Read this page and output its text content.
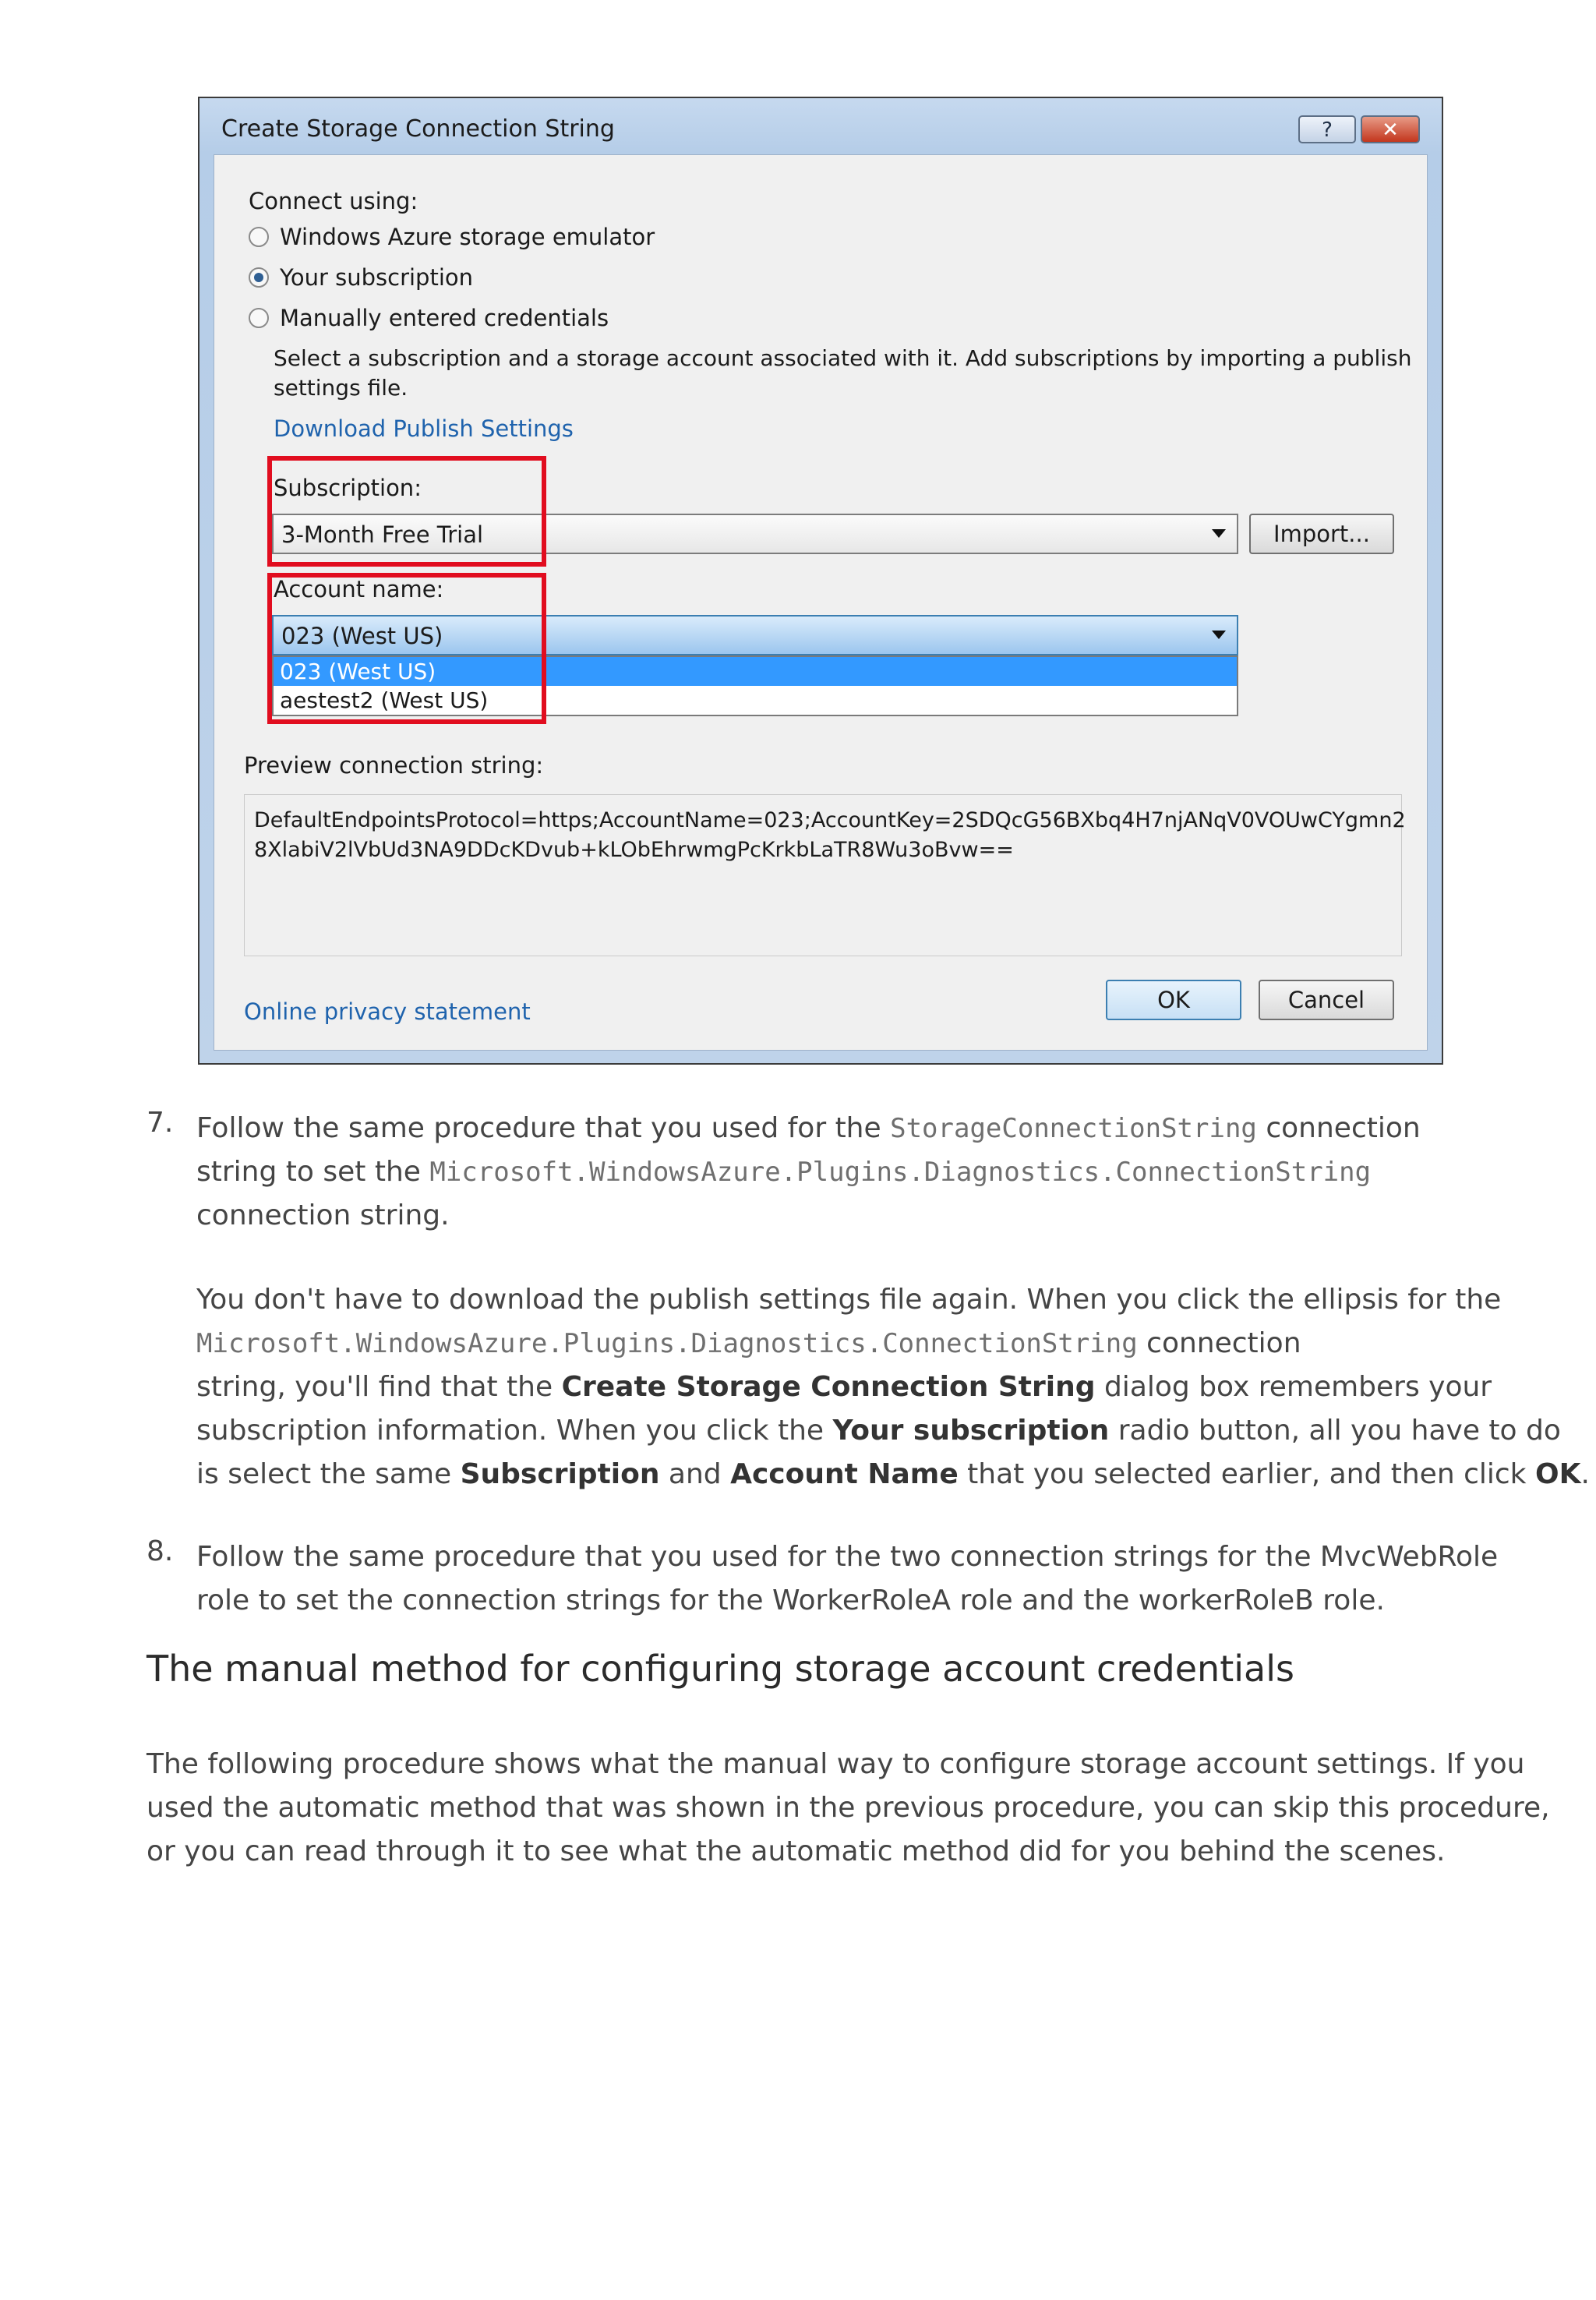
Create Storage Connection String	?	✕
Connect using:
Windows Azure storage emulator
Your subscription
Manually entered credentials
Select a subscription and a storage account associated with it. Add subscriptions by importing a publish
settings file.
Download Publish Settings
Subscription:
3-Month Free Trial	Import...
Account name:
023 (West US)
023 (West US)
aestest2 (West US)
Preview connection string:
DefaultEndpointsProtocol=https;AccountName=023;AccountKey=2SDQcG56BXbq4H7njANqV0VOUwCYgmn2
8XlabiV2lVbUd3NA9DDcKDvub+kLObEhrwmgPcKrkbLaTR8Wu3oBvw==
Online privacy statement	OK	Cancel
7. Follow the same procedure that you used for the StorageConnectionString connection
string to set the Microsoft.WindowsAzure.Plugins.Diagnostics.ConnectionString
connection string.
You don't have to download the publish settings file again. When you click the ellipsis for the
Microsoft.WindowsAzure.Plugins.Diagnostics.ConnectionString connection
string, you'll find that the Create Storage Connection String dialog box remembers your
subscription information. When you click the Your subscription radio button, all you have to do
is select the same Subscription and Account Name that you selected earlier, and then click OK.
8. Follow the same procedure that you used for the two connection strings for the MvcWebRole
role to set the connection strings for the WorkerRoleA role and the workerRoleB role.
The manual method for configuring storage account credentials
The following procedure shows what the manual way to configure storage account settings. If you
used the automatic method that was shown in the previous procedure, you can skip this procedure,
or you can read through it to see what the automatic method did for you behind the scenes.
